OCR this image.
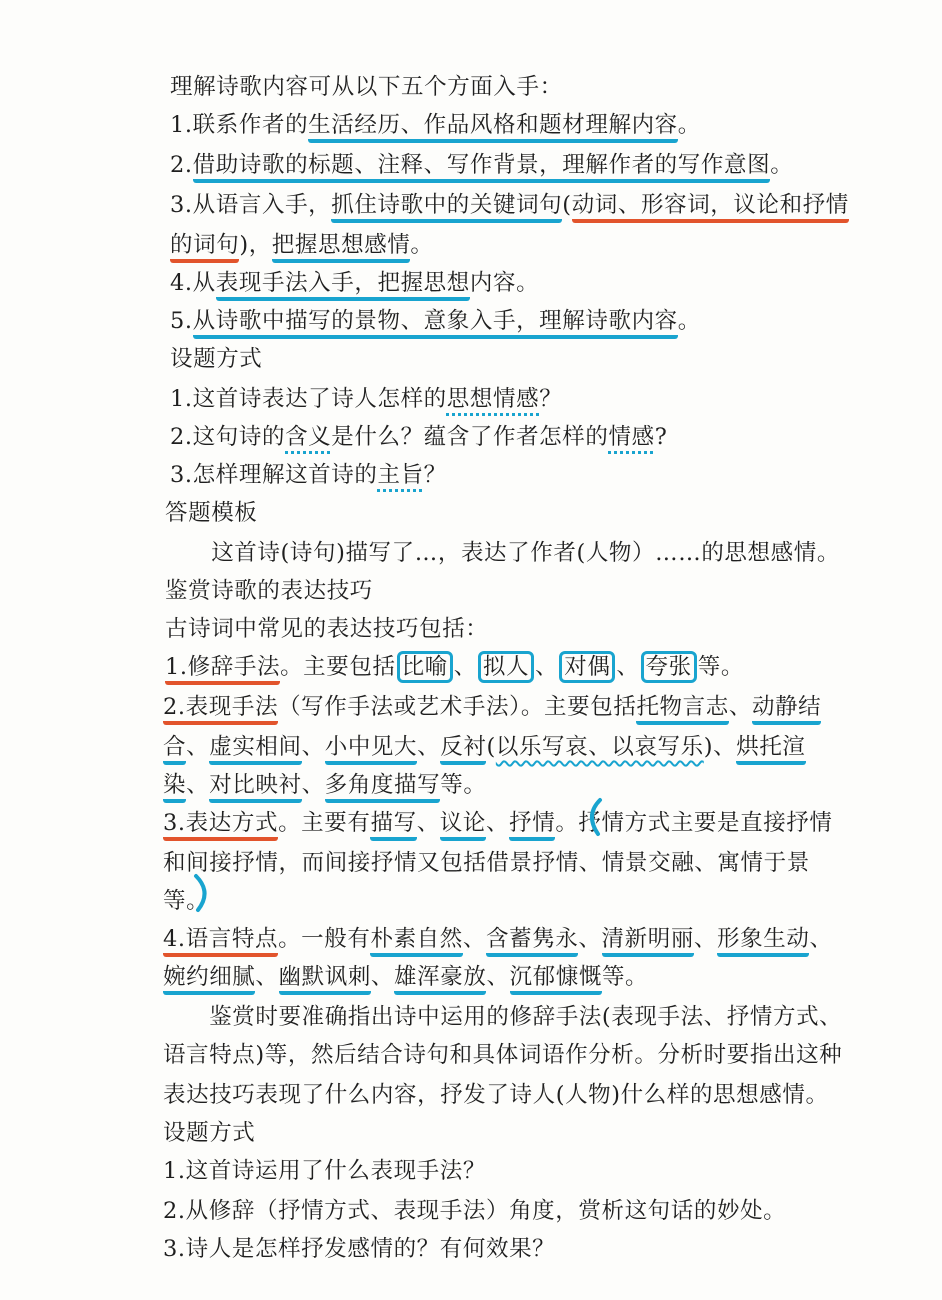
理解诗歌内容可从以下五个方面入手：
1.联系作者的生活经历、作品风格和题材理解内容。
2.借助诗歌的标题、注释、写作背景，理解作者的写作意图。
3.从语言入手，抓住诗歌中的关键词句(动词、形容词，议论和抒情
的词句)，把握思想感情。
4.从表现手法入手，把握思想内容。
5.从诗歌中描写的景物、意象入手，理解诗歌内容。
设题方式
1.这首诗表达了诗人怎样的思想情感？
2.这句诗的含义是什么？蕴含了作者怎样的情感?
3.怎样理解这首诗的主旨？
答题模板
　　这首诗(诗句)描写了…，表达了作者(人物）……的思想感情。
鉴赏诗歌的表达技巧
古诗词中常见的表达技巧包括：
1.修辞手法。主要包括 比喻 、 拟人 、 对偶 、 夸张 等。
2.表现手法（写作手法或艺术手法）。主要包括托物言志、动静结
合、虚实相间、小中见大、反衬(以乐写哀、以哀写乐)、烘托渲
染、对比映衬、多角度描写等。
3.表达方式。主要有描写、议论、抒情。抒情方式主要是直接抒情
和间接抒情，而间接抒情又包括借景抒情、情景交融、寓情于景
等。
4.语言特点。一般有朴素自然、含蓄隽永、清新明丽、形象生动、
婉约细腻、幽默讽刺、雄浑豪放、沉郁慷慨等。
　　鉴赏时要准确指出诗中运用的修辞手法(表现手法、抒情方式、
语言特点)等，然后结合诗句和具体词语作分析。分析时要指出这种
表达技巧表现了什么内容，抒发了诗人(人物)什么样的思想感情。
设题方式
1.这首诗运用了什么表现手法？
2.从修辞（抒情方式、表现手法）角度，赏析这句话的妙处。
3.诗人是怎样抒发感情的？有何效果？
